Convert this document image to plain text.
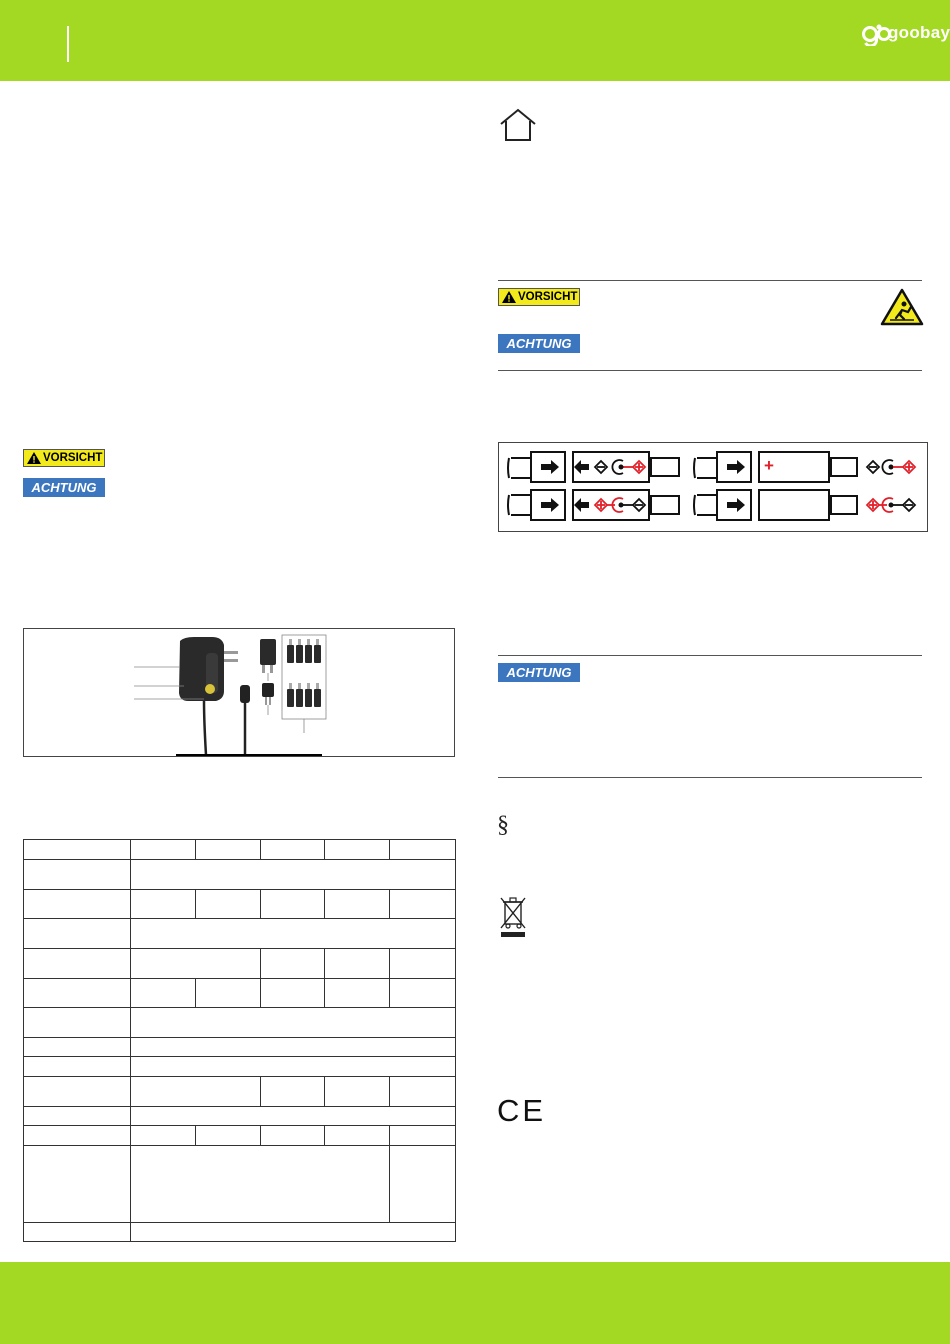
goobay
VORSICHT
ACHTUNG

VORSICHT
ACHTUNG
+
ACHTUNG
§
CE
